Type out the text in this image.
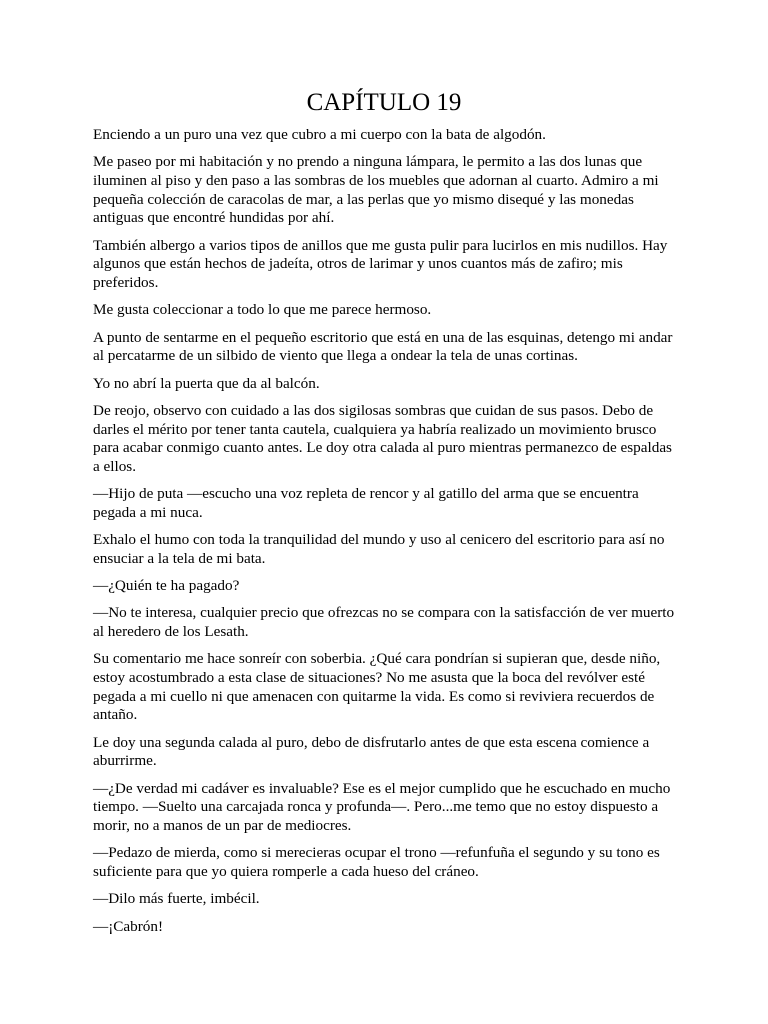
CAPÍTULO 19

Enciendo a un puro una vez que cubro a mi cuerpo con la bata de algodón.

Me paseo por mi habitación y no prendo a ninguna lámpara, le permito a las dos lunas que iluminen al piso y den paso a las sombras de los muebles que adornan al cuarto. Admiro a mi pequeña colección de caracolas de mar, a las perlas que yo mismo disequé y las monedas antiguas que encontré hundidas por ahí.

También albergo a varios tipos de anillos que me gusta pulir para lucirlos en mis nudillos. Hay algunos que están hechos de jadeíta, otros de larimar y unos cuantos más de zafiro; mis preferidos.

Me gusta coleccionar a todo lo que me parece hermoso.

A punto de sentarme en el pequeño escritorio que está en una de las esquinas, detengo mi andar al percatarme de un silbido de viento que llega a ondear la tela de unas cortinas.

Yo no abrí la puerta que da al balcón.

De reojo, observo con cuidado a las dos sigilosas sombras que cuidan de sus pasos. Debo de darles el mérito por tener tanta cautela, cualquiera ya habría realizado un movimiento brusco para acabar conmigo cuanto antes. Le doy otra calada al puro mientras permanezco de espaldas a ellos.

—Hijo de puta —escucho una voz repleta de rencor y al gatillo del arma que se encuentra pegada a mi nuca.

Exhalo el humo con toda la tranquilidad del mundo y uso al cenicero del escritorio para así no ensuciar a la tela de mi bata.

—¿Quién te ha pagado?

—No te interesa, cualquier precio que ofrezcas no se compara con la satisfacción de ver muerto al heredero de los Lesath.

Su comentario me hace sonreír con soberbia. ¿Qué cara pondrían si supieran que, desde niño, estoy acostumbrado a esta clase de situaciones? No me asusta que la boca del revólver esté pegada a mi cuello ni que amenacen con quitarme la vida. Es como si reviviera recuerdos de antaño.

Le doy una segunda calada al puro, debo de disfrutarlo antes de que esta escena comience a aburrirme.

—¿De verdad mi cadáver es invaluable? Ese es el mejor cumplido que he escuchado en mucho tiempo. —Suelto una carcajada ronca y profunda—. Pero...me temo que no estoy dispuesto a morir, no a manos de un par de mediocres.

—Pedazo de mierda, como si merecieras ocupar el trono —refunfuña el segundo y su tono es suficiente para que yo quiera romperle a cada hueso del cráneo.

—Dilo más fuerte, imbécil.

—¡Cabrón!
